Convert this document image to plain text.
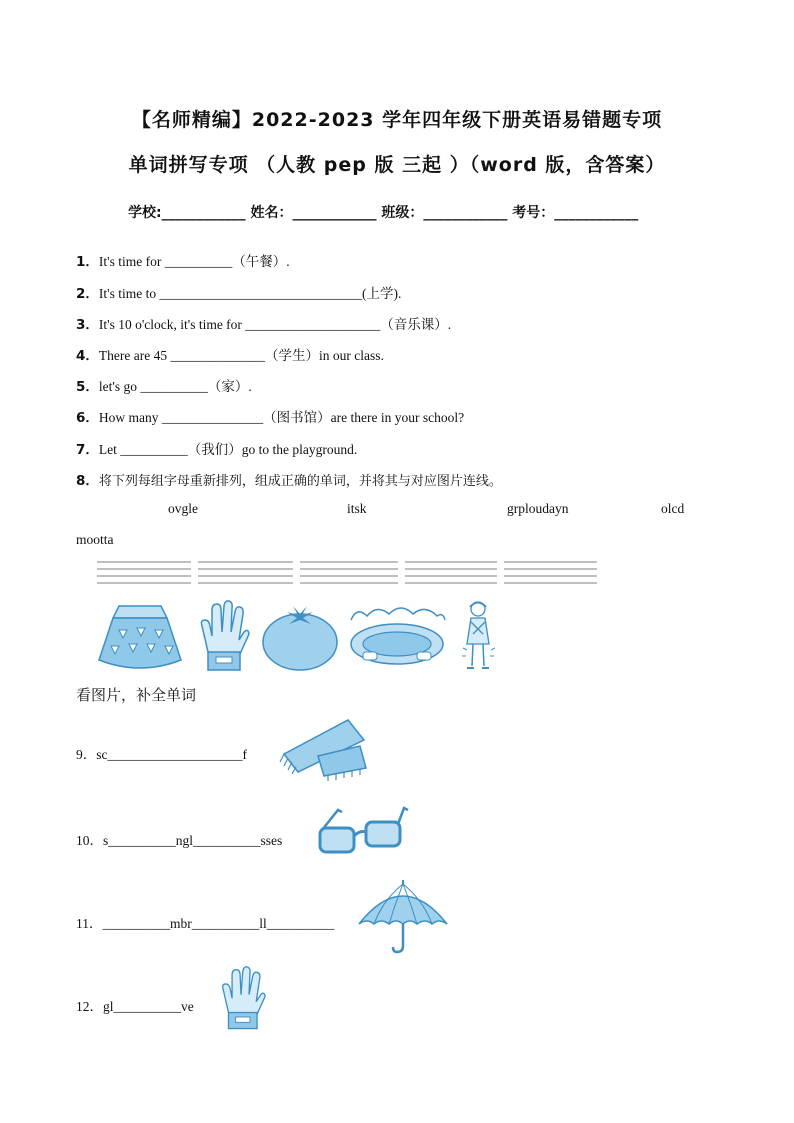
【名师精编】2022-2023 学年四年级下册英语易错题专项
单词拼写专项 （人教 pep 版 三起 ）（word 版，含答案）
学校:____________ 姓名：____________ 班级：____________ 考号：____________
1．It's time for __________（午餐）.
2．It's time to ______________________________(上学).
3．It's 10 o'clock, it's time for ____________________（音乐课）.
4．There are 45 ______________（学生）in our class.
5．let's go __________（家）.
6．How many _______________（图书馆）are there in your school?
7．Let __________（我们）go to the playground.
8．将下列每组字母重新排列，组成正确的单词，并将其与对应图片连线。
ovgle	itsk	grploudayn	olcd
mootta
看图片，补全单词
9．sc____________________f
10．s__________ngl__________sses
11．__________mbr__________ll__________
12．gl__________ve
